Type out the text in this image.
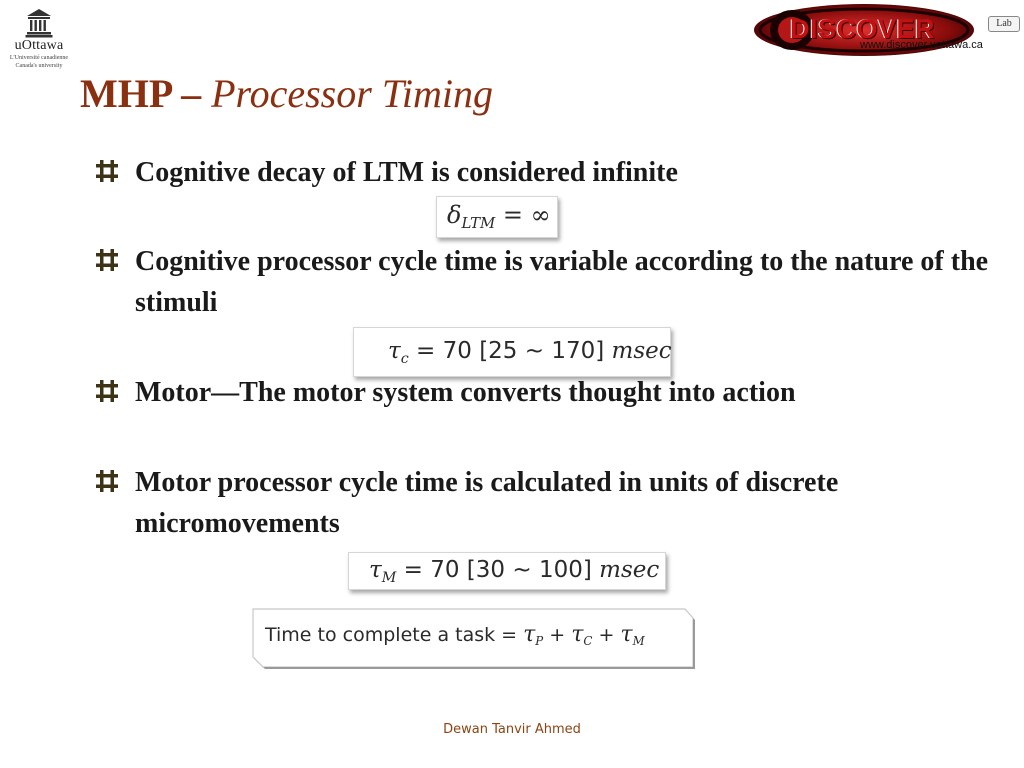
uOttawa
L'Université canadienne
Canada's university
DISCOVER	Lab
www.discover.uottawa.ca
MHP – Processor Timing
Cognitive decay of LTM is considered infinite
$\delta_{LTM}$ = ∞
Cognitive processor cycle time is variable according to the nature of the stimuli
$\tau_c = 70$ [25 ~ 170] msec
Motor—The motor system converts thought into action
Motor processor cycle time is calculated in units of discrete micromovements
$\tau_M = 70$ [30 ~ 100] msec
Time to complete a task = $\tau_P + \tau_C + \tau_M$
Dewan Tanvir Ahmed
